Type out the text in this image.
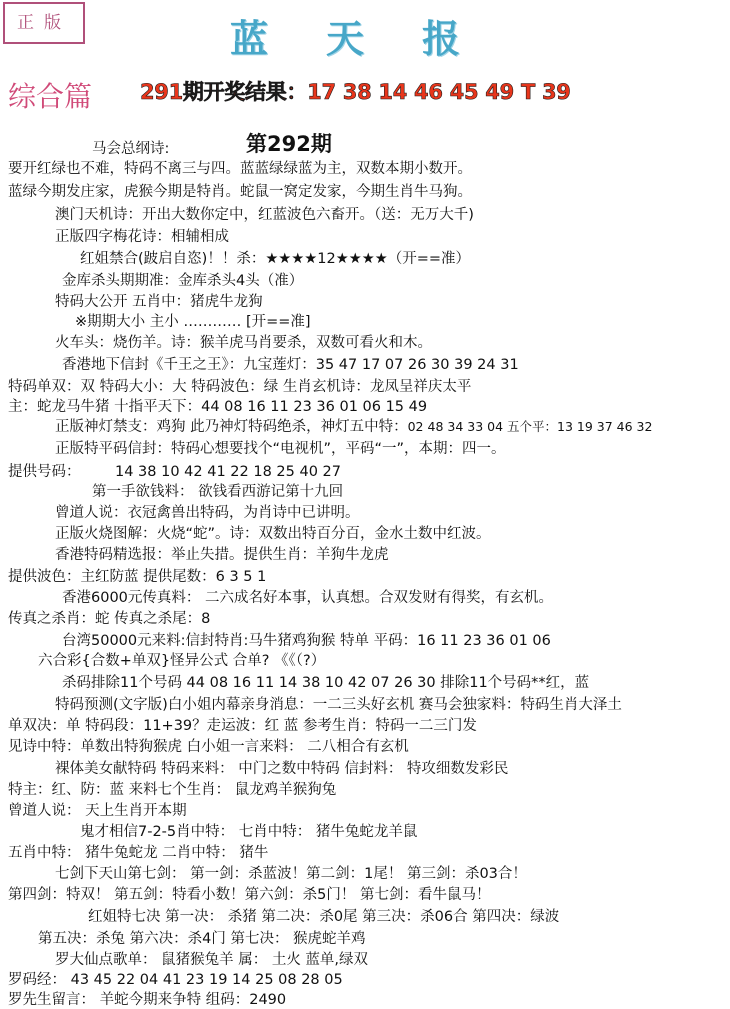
正版	蓝天报
综合篇 291期开奖结果：17 38 14 46 45 49 T 39
第292期
马会总纲诗:
要开红绿也不难，特码不离三与四。蓝蓝绿绿蓝为主，双数本期小数开。
蓝绿今期发庄家，虎猴今期是特肖。蛇鼠一窝定发家，今期生肖牛马狗。
澳门天机诗：开出大数你定中，红蓝波色六畜开。（送：无万大千)
正版四字梅花诗：相辅相成
红姐禁合(跛启自恣)！！杀：★★★★12★★★★（开==准）
金库杀头期期准：金库杀头4头（准）
特码大公开 五肖中：猪虎牛龙狗
※期期大小 主小 ………… [开==准]
火车头：烧伤羊。诗：猴羊虎马肖要杀，双数可看火和木。
香港地下信封《千王之王》：九宝莲灯：35 47 17 07 26 30 39 24 31
特码单双：双 特码大小：大 特码波色：绿 生肖玄机诗：龙凤呈祥庆太平
主：蛇龙马牛猪 十指平天下：44 08 16 11 23 36 01 06 15 49
正版神灯禁支：鸡狗 此乃神灯特码绝杀，神灯五中特：02 48 34 33 04 五个平：13 19 37 46 32
正版特平码信封：特码心想要找个“电视机”，平码“一”，本期：四一。
提供号码： 14 38 10 42 41 22 18 25 40 27
第一手欲钱料： 欲钱看西游记第十九回
曾道人说：衣冠禽兽出特码，为肖诗中已讲明。
正版火烧图解：火烧“蛇”。诗：双数出特百分百，金水土数中红波。
香港特码精选报：举止失措。提供生肖：羊狗牛龙虎
提供波色：主红防蓝 提供尾数：6 3 5 1
香港6000元传真料： 二六成名好本事，认真想。合双发财有得奖，有玄机。
传真之杀肖：蛇 传真之杀尾：8
台湾50000元来料:信封特肖:马牛猪鸡狗猴 特单 平码：16 11 23 36 01 06
六合彩{合数+单双}怪异公式 合单? 《《（?）
杀码排除11个号码 44 08 16 11 14 38 10 42 07 26 30 排除11个号码**红，蓝
特码预测(文字版)白小姐内幕亲身消息：一二三头好玄机 赛马会独家料：特码生肖大泽土
单双决：单 特码段：11+39？走运波：红 蓝 参考生肖：特码一二三门发
见诗中特：单数出特狗猴虎 白小姐一言来料： 二八相合有玄机
裸体美女献特码 特码来料： 中门之数中特码 信封料： 特攻细数发彩民
特主：红、防：蓝 来料七个生肖： 鼠龙鸡羊猴狗兔
曾道人说： 天上生肖开本期
鬼才相信7-2-5肖中特： 七肖中特： 猪牛兔蛇龙羊鼠
五肖中特： 猪牛兔蛇龙 二肖中特： 猪牛
七剑下天山第七剑： 第一剑：杀蓝波！第二剑：1尾！ 第三剑：杀03合！
第四剑：特双！ 第五剑：特看小数！第六剑：杀5门！ 第七剑：看牛鼠马！
红姐特七决 第一决： 杀猪 第二决：杀0尾 第三决：杀06合 第四决：绿波
第五决：杀兔 第六决：杀4门 第七决： 猴虎蛇羊鸡
罗大仙点歌单： 鼠猪猴兔羊 属： 土火 蓝单,绿双
罗码经： 43 45 22 04 41 23 19 14 25 08 28 05
罗先生留言： 羊蛇今期来争特 组码：2490
